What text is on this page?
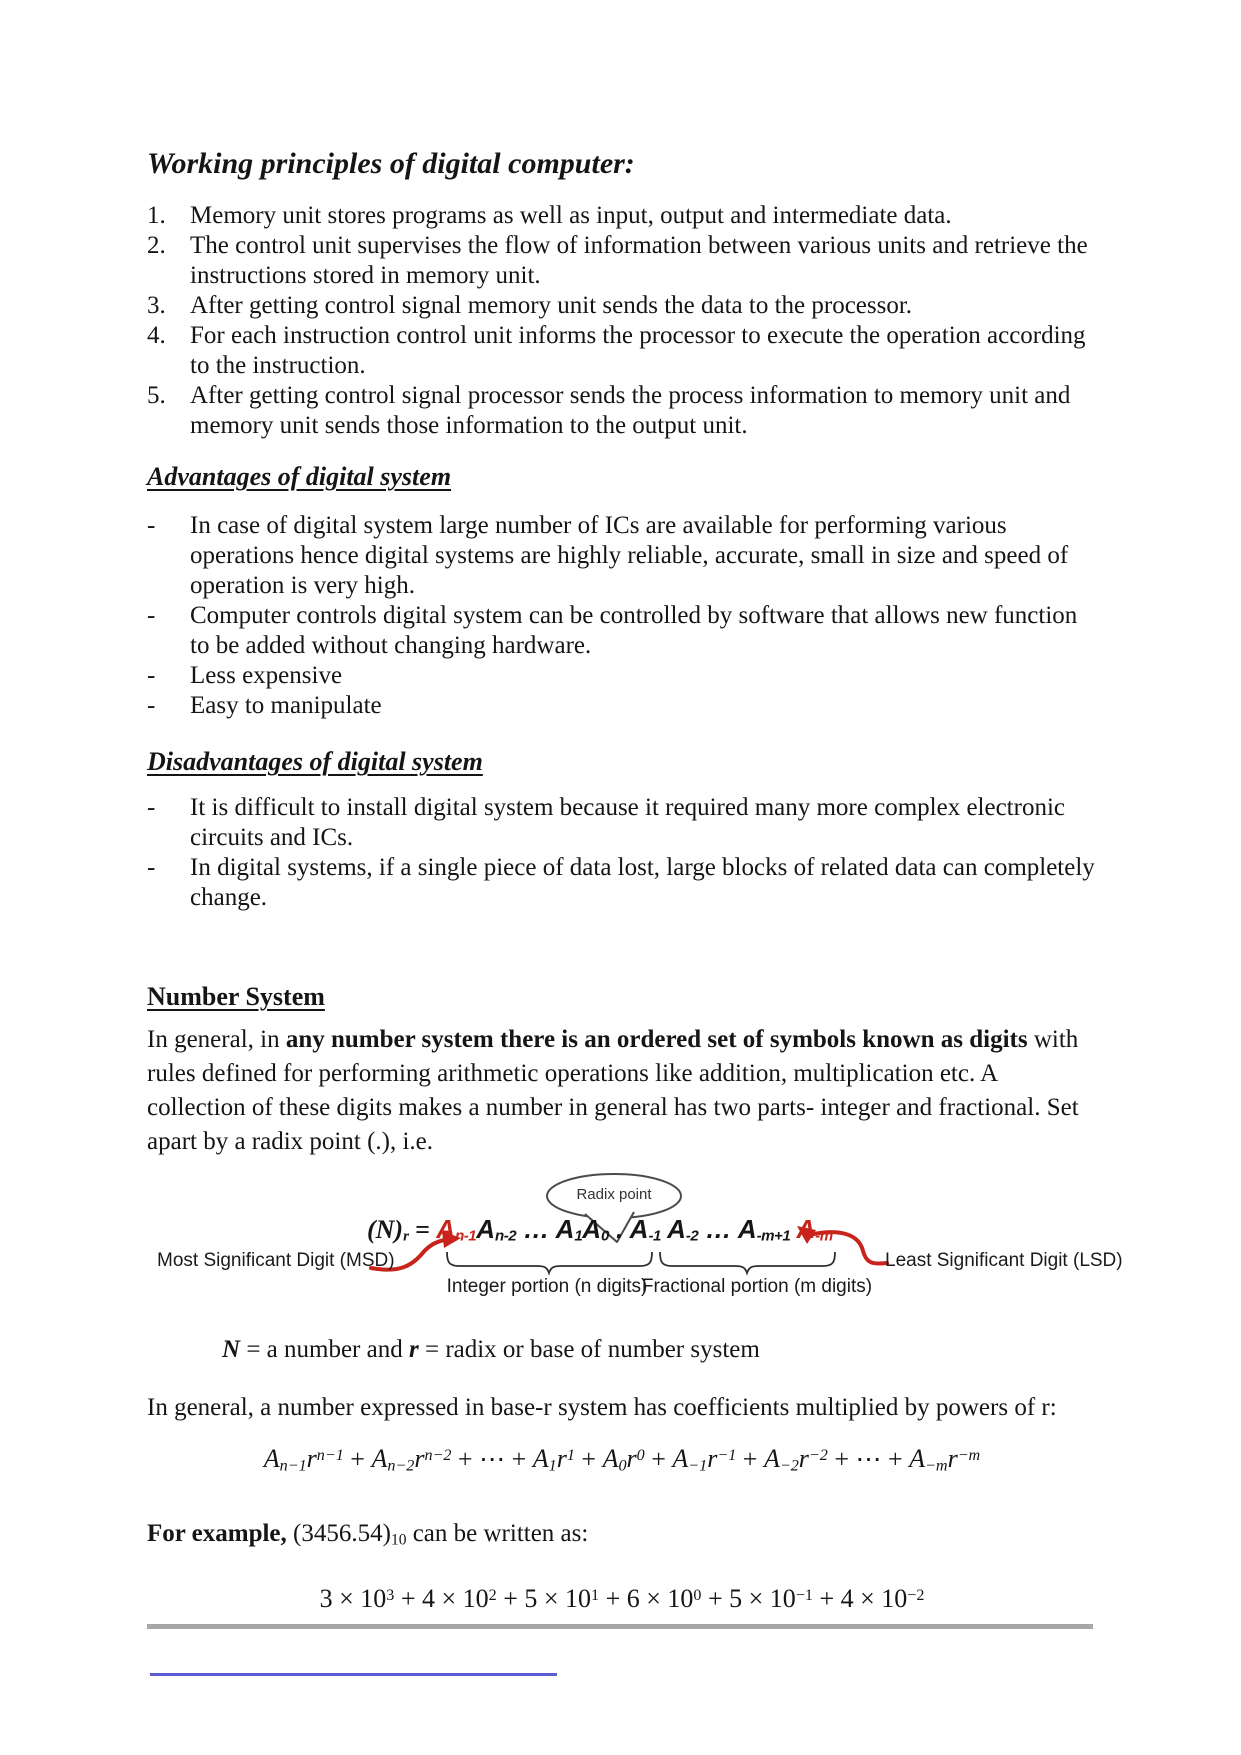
Working principles of digital computer:
1. Memory unit stores programs as well as input, output and intermediate data.
2. The control unit supervises the flow of information between various units and retrieve the instructions stored in memory unit.
3. After getting control signal memory unit sends the data to the processor.
4. For each instruction control unit informs the processor to execute the operation according to the instruction.
5. After getting control signal processor sends the process information to memory unit and memory unit sends those information to the output unit.
Advantages of digital system
-	In case of digital system large number of ICs are available for performing various operations hence digital systems are highly reliable, accurate, small in size and speed of operation is very high.
-	Computer controls digital system can be controlled by software that allows new function to be added without changing hardware.
-	Less expensive
-	Easy to manipulate
Disadvantages of digital system
-	It is difficult to install digital system because it required many more complex electronic circuits and ICs.
-	In digital systems, if a single piece of data lost, large blocks of related data can completely change.
Number System

In general, in any number system there is an ordered set of symbols known as digits with rules defined for performing arithmetic operations like addition, multiplication etc. A collection of these digits makes a number in general has two parts- integer and fractional. Set apart by a radix point (.), i.e.

Radix point
$(N)_r = A_{n-1}A_{n-2}$ … $A_1A_0$ . $A_{-1}$ $A_{-2}$ … $A_{-m+1}$ $A_{-m}$
Most Significant Digit (MSD)	Least Significant Digit (LSD)
Integer portion (n digits)
Fractional portion (m digits)
N = a number and r = radix or base of number system

In general, a number expressed in base-r system has coefficients multiplied by powers of r:

$A_{n-1}r^{n-1} + A_{n-2}r^{n-2}$ + ⋯ + $A_1r^1 + A_0r^0 + A_{-1}r^{-1} + A_{-2}r^{-2}$ + ⋯ + $A_{-m}r^{-m}$
For example, $(3456.54)_{10}$ can be written as:
$3 \times 10^3 + 4 \times 10^2 + 5 \times 10^1 + 6 \times 10^0 + 5 \times 10^{-1} + 4 \times 10^{-2}$
